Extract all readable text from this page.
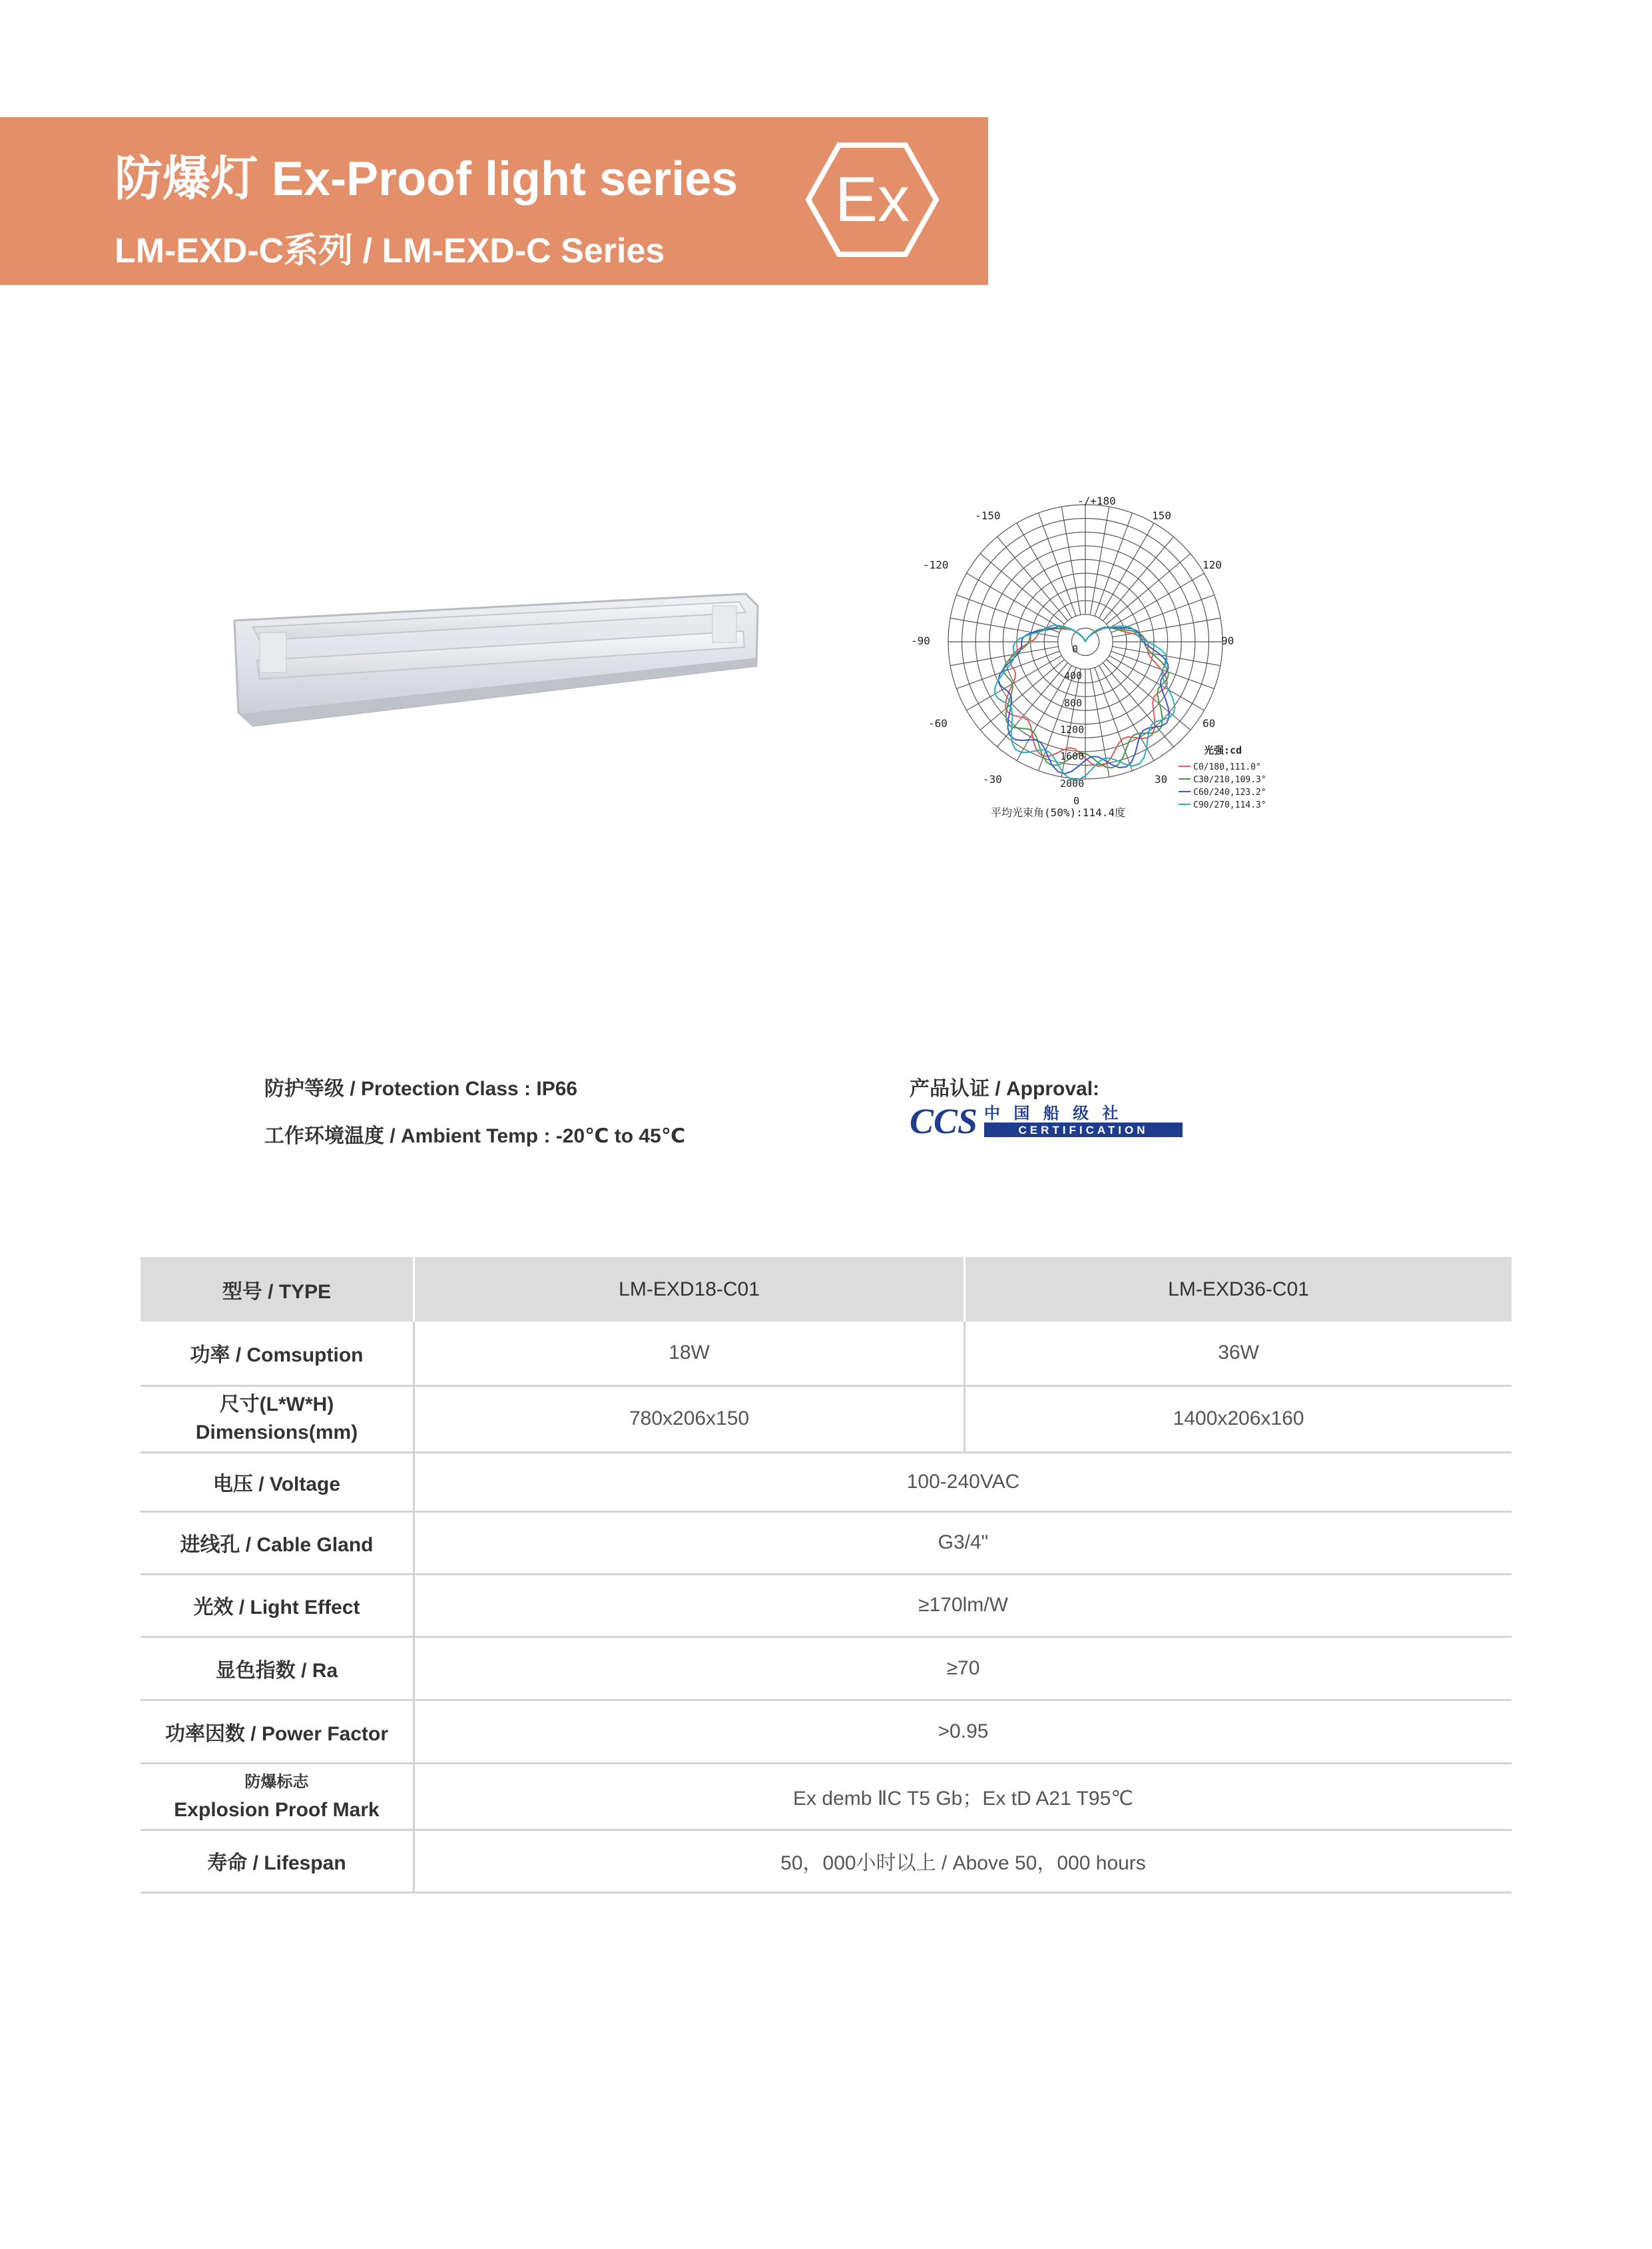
防爆灯 Ex-Proof light series
LM-EXD-C系列 / LM-EXD-C Series
Ex
-/+180
-150	150
-120	120
-90	90
-60	60
-30	30
0
0
400
800
1200
1600
2000
光强:cd
C0/180,111.0°
C30/210,109.3°
C60/240,123.2°
C90/270,114.3°
平均光束角(50%):114.4度
防护等级 / Protection Class : IP66
工作环境温度 / Ambient Temp : -20℃ to 45℃
产品认证 / Approval:
CCS 中 国 船 级 社
CERTIFICATION
型号 / TYPE	LM-EXD18-C01	LM-EXD36-C01
功率 / Comsuption	18W	36W

尺寸(L*W*H)
Dimensions(mm)	780x206x150	1400x206x160
电压 / Voltage	100-240VAC	
进线孔 / Cable Gland	G3/4"	
光效 / Light Effect	≥170lm/W	
显色指数 / Ra	≥70	
功率因数 / Power Factor	>0.95	

防爆标志
Explosion Proof Mark	Ex demb ⅡC T5 Gb；Ex tD A21 T95℃	
寿命 / Lifespan	50，000小时以上 / Above 50，000 hours	
